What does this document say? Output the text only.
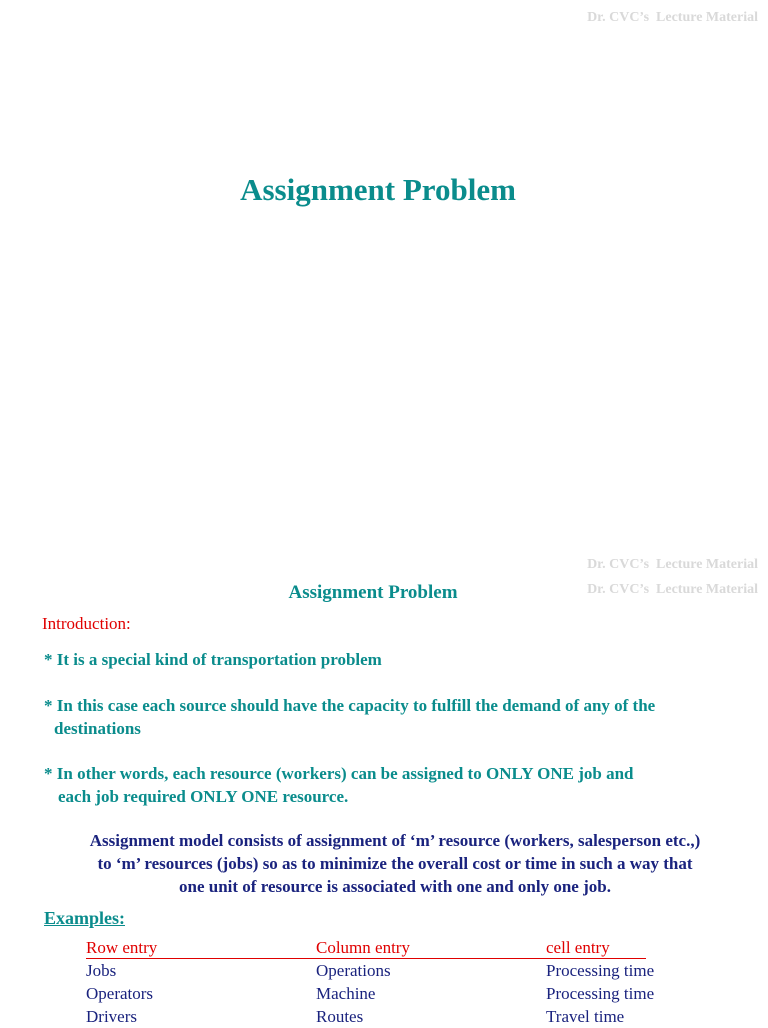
Dr. CVC’s  Lecture Material
Assignment Problem
Dr. CVC’s  Lecture Material
Dr. CVC’s  Lecture Material
Assignment Problem
Introduction:
* It is a special kind of transportation problem
* In this case each source should have the capacity to fulfill the demand of any of the
destinations
* In other words, each resource (workers) can be assigned to ONLY ONE job and
each job required ONLY ONE resource.
Assignment model consists of assignment of ‘m’ resource (workers, salesperson etc.,)
to ‘m’ resources (jobs) so as to minimize the overall cost or time in such a way that
one unit of resource is associated with one and only one job.
Examples:
Row entry	Column entry	cell entry
Jobs	Operations	Processing time
Operators	Machine	Processing time
Drivers	Routes	Travel time
